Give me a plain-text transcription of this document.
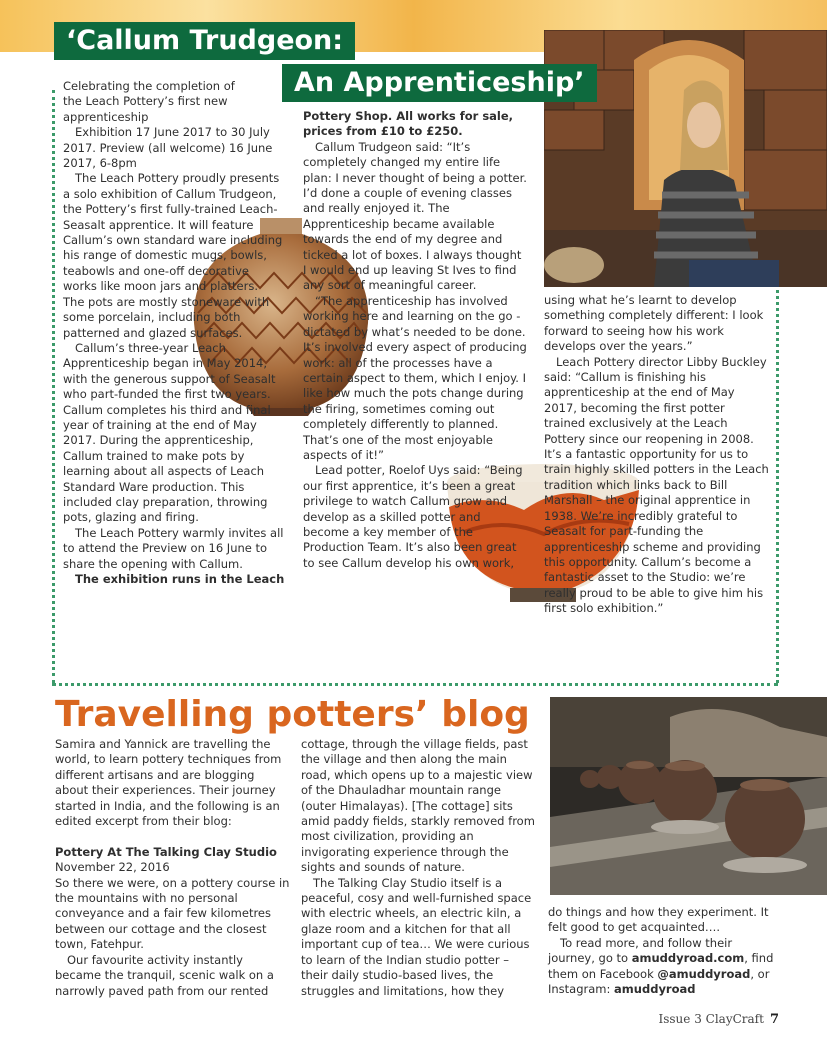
‘Callum Trudgeon:
An Apprenticeship’

Celebrating the completion of the Leach Pottery’s first new apprenticeship

Exhibition 17 June 2017 to 30 July 2017. Preview (all welcome) 16 June 2017, 6-8pm

The Leach Pottery proudly presents a solo exhibition of Callum Trudgeon, the Pottery’s first fully-trained Leach-Seasalt apprentice. It will feature Callum’s own standard ware including his range of domestic mugs, bowls, teabowls and one-off decorative works like moon jars and platters. The pots are mostly stoneware with some porcelain, including both patterned and glazed surfaces.

Callum’s three-year Leach Apprenticeship began in May 2014, with the generous support of Seasalt who part-funded the first two years. Callum completes his third and final year of training at the end of May 2017. During the apprenticeship, Callum trained to make pots by learning about all aspects of Leach Standard Ware production. This included clay preparation, throwing pots, glazing and firing.

The Leach Pottery warmly invites all to attend the Preview on 16 June to share the opening with Callum.

The exhibition runs in the Leach

Pottery Shop. All works for sale, prices from £10 to £250.

Callum Trudgeon said: “It’s completely changed my entire life plan: I never thought of being a potter. I’d done a couple of evening classes and really enjoyed it. The Apprenticeship became available towards the end of my degree and ticked a lot of boxes. I always thought I would end up leaving St Ives to find any sort of meaningful career.

“The apprenticeship has involved working here and learning on the go - dictated by what’s needed to be done. It’s involved every aspect of producing work: all of the processes have a certain aspect to them, which I enjoy. I like how much the pots change during the firing, sometimes coming out completely differently to planned. That’s one of the most enjoyable aspects of it!”

Lead potter, Roelof Uys said: “Being our first apprentice, it’s been a great privilege to watch Callum grow and develop as a skilled potter and become a key member of the Production Team. It’s also been great to see Callum develop his own work,

using what he’s learnt to develop something completely different: I look forward to seeing how his work develops over the years.”

Leach Pottery director Libby Buckley said: “Callum is finishing his apprenticeship at the end of May 2017, becoming the first potter trained exclusively at the Leach Pottery since our reopening in 2008. It’s a fantastic opportunity for us to train highly skilled potters in the Leach tradition which links back to Bill Marshall – the original apprentice in 1938. We’re incredibly grateful to Seasalt for part-funding the apprenticeship scheme and providing this opportunity. Callum’s become a fantastic asset to the Studio: we’re really proud to be able to give him his first solo exhibition.”

Travelling potters’ blog

Samira and Yannick are travelling the world, to learn pottery techniques from different artisans and are blogging about their experiences. Their journey started in India, and the following is an edited excerpt from their blog:

Pottery At The Talking Clay Studio

November 22, 2016

So there we were, on a pottery course in the mountains with no personal conveyance and a fair few kilometres between our cottage and the closest town, Fatehpur.

Our favourite activity instantly became the tranquil, scenic walk on a narrowly paved path from our rented

cottage, through the village fields, past the village and then along the main road, which opens up to a majestic view of the Dhauladhar mountain range (outer Himalayas). [The cottage] sits amid paddy fields, starkly removed from most civilization, providing an invigorating experience through the sights and sounds of nature.

The Talking Clay Studio itself is a peaceful, cosy and well-furnished space with electric wheels, an electric kiln, a glaze room and a kitchen for that all important cup of tea… We were curious to learn of the Indian studio potter – their daily studio-based lives, the struggles and limitations, how they

do things and how they experiment. It felt good to get acquainted….

To read more, and follow their journey, go to amuddyroad.com, find them on Facebook @amuddyroad, or Instagram: amuddyroad

Issue 3 ClayCraft 7
